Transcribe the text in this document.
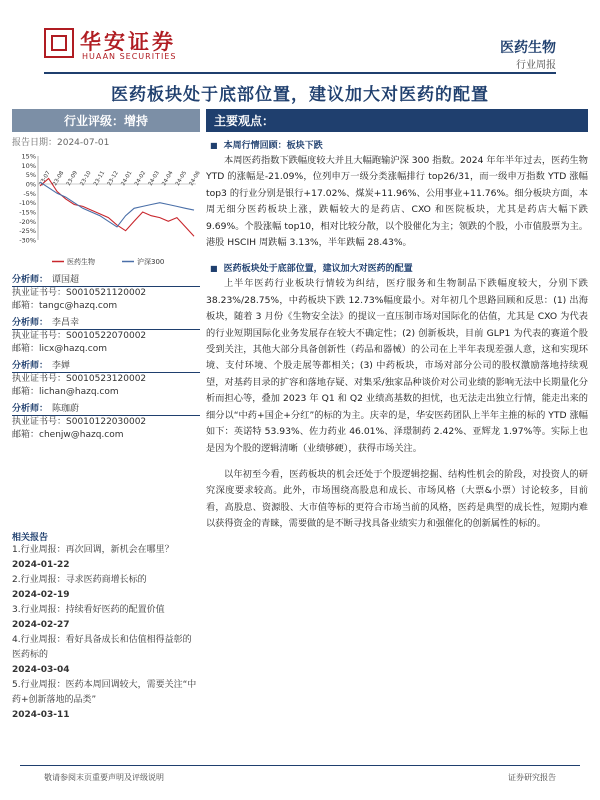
华安证券
HUAAN SECURITIES
医药生物
行业周报
医药板块处于底部位置，建议加大对医药的配置
行业评级：增持
报告日期：2024-07-01
15%
10%
5%
0%
-5%
-10%
-15%
-20%
-25%
-30%
23-07 23-08 23-09 23-10 23-11 23-12 24-01 24-02 24-03 24-04 24-05 24-06
医药生物	沪深300
分析师： 谭国超
执业证书号：S0010521120002
邮箱：tangc@hazq.com
分析师： 李昌幸
执业证书号：S0010522070002
邮箱：licx@hazq.com
分析师： 李婵
执业证书号：S0010523120002
邮箱：lichan@hazq.com
分析师： 陈珈蔚
执业证书号：S0010122030002
邮箱：chenjw@hazq.com
相关报告
1.行业周报：再次回调，新机会在哪里？
2024-01-22
2.行业周报：寻求医药商增长标的
2024-02-19
3.行业周报：持续看好医药的配置价值
2024-02-27
4.行业周报：看好具备成长和估值相得益彰的医药标的
2024-03-04
5.行业周报：医药本周回调较大，需要关注“中药+创新落地的品类”
2024-03-11
主要观点：
■ 本周行情回顾：板块下跌

本周医药指数下跌幅度较大并且大幅跑输沪深 300 指数。2024 年年半年过去，医药生物 YTD 的涨幅是-21.09%，位列申万一级分类涨幅排行 top26/31，而一级申万指数 YTD 涨幅 top3 的行业分别是银行+17.02%、煤炭+11.96%、公用事业+11.76%。细分板块方面，本周无细分医药板块上涨，跌幅较大的是药店、CXO 和医院板块，尤其是药店大幅下跌 9.69%。个股涨幅 top10，相对比较分散，以个股催化为主；领跌的个股，小市值股票为主。港股 HSCIH 周跌幅 3.13%，半年跌幅 28.43%。

■ 医药板块处于底部位置，建议加大对医药的配置

上半年医药行业板块行情较为纠结，医疗服务和生物制品下跌幅度较大，分别下跌 38.23%/28.75%，中药板块下跌 12.73%幅度最小。对年初几个思路回顾和反思：(1) 出海板块，随着 3 月份《生物安全法》的提议一直压制市场对国际化的估值，尤其是 CXO 为代表的行业短期国际化业务发展存在较大不确定性；(2) 创新板块，目前 GLP1 为代表的赛道个股受到关注，其他大部分具备创新性（药品和器械）的公司在上半年表现差强人意，这和实现环境、支付环境、个股走展等都相关；(3) 中药板块，市场对部分公司的股权激励落地持续观望，对基药目录的扩容和落地存疑、对集采/独家品种谈价对公司业绩的影响无法中长期量化分析而担心等，叠加 2023 年 Q1 和 Q2 业绩高基数的担忧，也无法走出独立行情，能走出来的细分以“中药+国企+分红”的标的为主。庆幸的是，华安医药团队上半年主推的标的 YTD 涨幅如下：英诺特 53.93%、佐力药业 46.01%、泽璟制药 2.42%、亚辉龙 1.97%等。实际上也是因为个股的逻辑清晰（业绩够硬），获得市场关注。

以年初至今看，医药板块的机会还处于个股逻辑挖掘、结构性机会的阶段，对投资人的研究深度要求较高。此外，市场围绕高股息和成长、市场风格（大票&小票）讨论较多，目前看，高股息、资源股、大市值等标的更符合市场当前的风格，医药是典型的成长性，短期内难以获得资金的青睐，需要做的是不断寻找具备业绩实力和强催化的创新属性的标的。

敬请参阅末页重要声明及评级说明	证券研究报告
